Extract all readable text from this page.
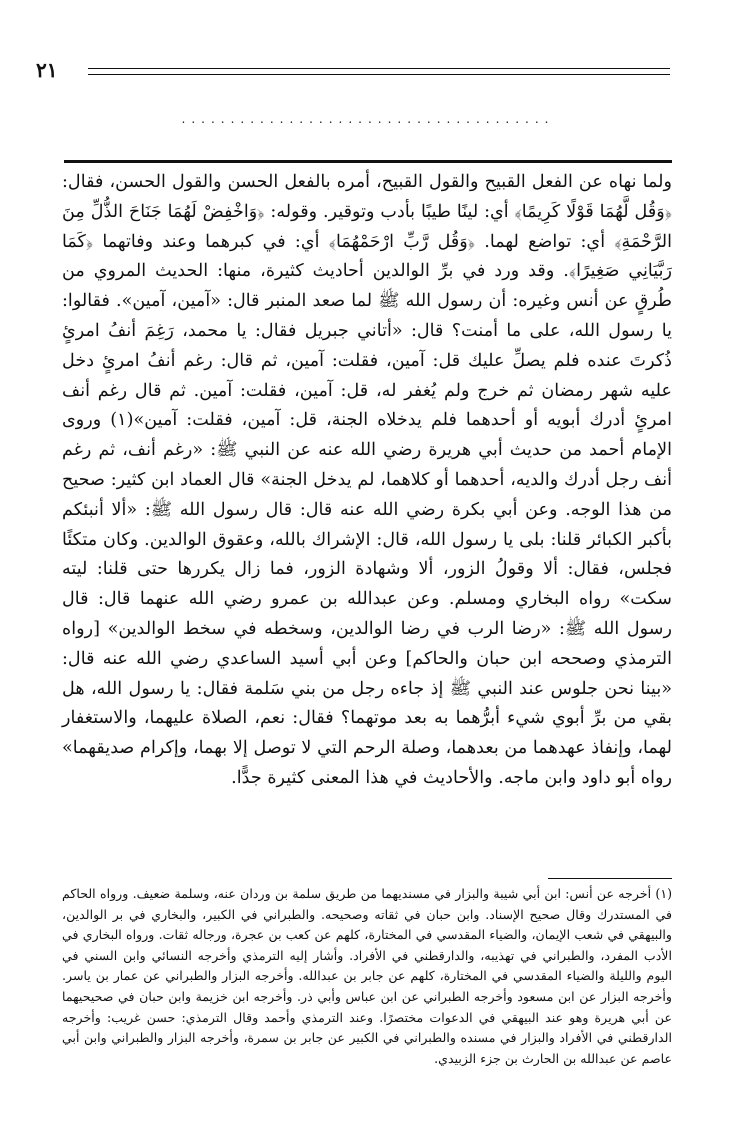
٢١
......................................

ولما نهاه عن الفعل القبيح والقول القبيح، أمره بالفعل الحسن والقول الحسن، فقال: ﴿وَقُل لَّهُمَا قَوْلًا كَرِيمًا﴾ أي: لينًا طيبًا بأدب وتوقير. وقوله: ﴿وَاخْفِضْ لَهُمَا جَنَاحَ الذُّلِّ مِنَ الرَّحْمَةِ﴾ أي: تواضع لهما. ﴿وَقُل رَّبِّ ارْحَمْهُمَا﴾ أي: في كبرهما وعند وفاتهما ﴿كَمَا رَبَّيَانِي صَغِيرًا﴾. وقد ورد في برِّ الوالدين أحاديث كثيرة، منها: الحديث المروي من طُرقٍ عن أنس وغيره: أن رسول الله ﷺ لما صعد المنبر قال: «آمين، آمين». فقالوا: يا رسول الله، على ما أمنت؟ قال: «أتاني جبريل فقال: يا محمد، رَغِمَ أنفُ امرئٍ ذُكرتَ عنده فلم يصلِّ عليك قل: آمين، فقلت: آمين، ثم قال: رغم أنفُ امرئٍ دخل عليه شهر رمضان ثم خرج ولم يُغفر له، قل: آمين، فقلت: آمين. ثم قال رغم أنف امرئٍ أدرك أبويه أو أحدهما فلم يدخلاه الجنة، قل: آمين، فقلت: آمين»(١) وروى الإمام أحمد من حديث أبي هريرة رضي الله عنه عن النبي ﷺ: «رغم أنف، ثم رغم أنف رجل أدرك والديه، أحدهما أو كلاهما، لم يدخل الجنة» قال العماد ابن كثير: صحيح من هذا الوجه. وعن أبي بكرة رضي الله عنه قال: قال رسول الله ﷺ: «ألا أنبئكم بأكبر الكبائر قلنا: بلى يا رسول الله، قال: الإشراك بالله، وعقوق الوالدين. وكان متكئًا فجلس، فقال: ألا وقولُ الزور، ألا وشهادة الزور، فما زال يكررها حتى قلنا: ليته سكت» رواه البخاري ومسلم. وعن عبدالله بن عمرو رضي الله عنهما قال: قال رسول الله ﷺ: «رضا الرب في رضا الوالدين، وسخطه في سخط الوالدين» [رواه الترمذي وصححه ابن حبان والحاكم] وعن أبي أسيد الساعدي رضي الله عنه قال: «بينا نحن جلوس عند النبي ﷺ إذ جاءه رجل من بني سَلمة فقال: يا رسول الله، هل بقي من برِّ أبوي شيء أبرُّهما به بعد موتهما؟ فقال: نعم، الصلاة عليهما، والاستغفار لهما، وإنفاذ عهدهما من بعدهما، وصلة الرحم التي لا توصل إلا بهما، وإكرام صديقهما» رواه أبو داود وابن ماجه. والأحاديث في هذا المعنى كثيرة جدًّا.

(١) أخرجه عن أنس: ابن أبي شيبة والبزار في مسنديهما من طريق سلمة بن وردان عنه، وسلمة ضعيف. ورواه الحاكم في المستدرك وقال صحيح الإسناد. وابن حبان في ثقاته وصحيحه. والطبراني في الكبير، والبخاري في بر الوالدين، والبيهقي في شعب الإيمان، والضياء المقدسي في المختارة، كلهم عن كعب بن عجرة، ورجاله ثقات. ورواه البخاري في الأدب المفرد، والطبراني في تهذيبه، والدارقطني في الأفراد. وأشار إليه الترمذي وأخرجه النسائي وابن السني في اليوم والليلة والضياء المقدسي في المختارة، كلهم عن جابر بن عبدالله. وأخرجه البزار والطبراني عن عمار بن ياسر. وأخرجه البزار عن ابن مسعود وأخرجه الطبراني عن ابن عباس وأبي ذر. وأخرجه ابن خزيمة وابن حبان في صحيحيهما عن أبي هريرة وهو عند البيهقي في الدعوات مختصرًا. وعند الترمذي وأحمد وقال الترمذي: حسن غريب: وأخرجه الدارقطني في الأفراد والبزار في مسنده والطبراني في الكبير عن جابر بن سمرة، وأخرجه البزار والطبراني وابن أبي عاصم عن عبدالله بن الحارث بن جزء الزبيدي.
